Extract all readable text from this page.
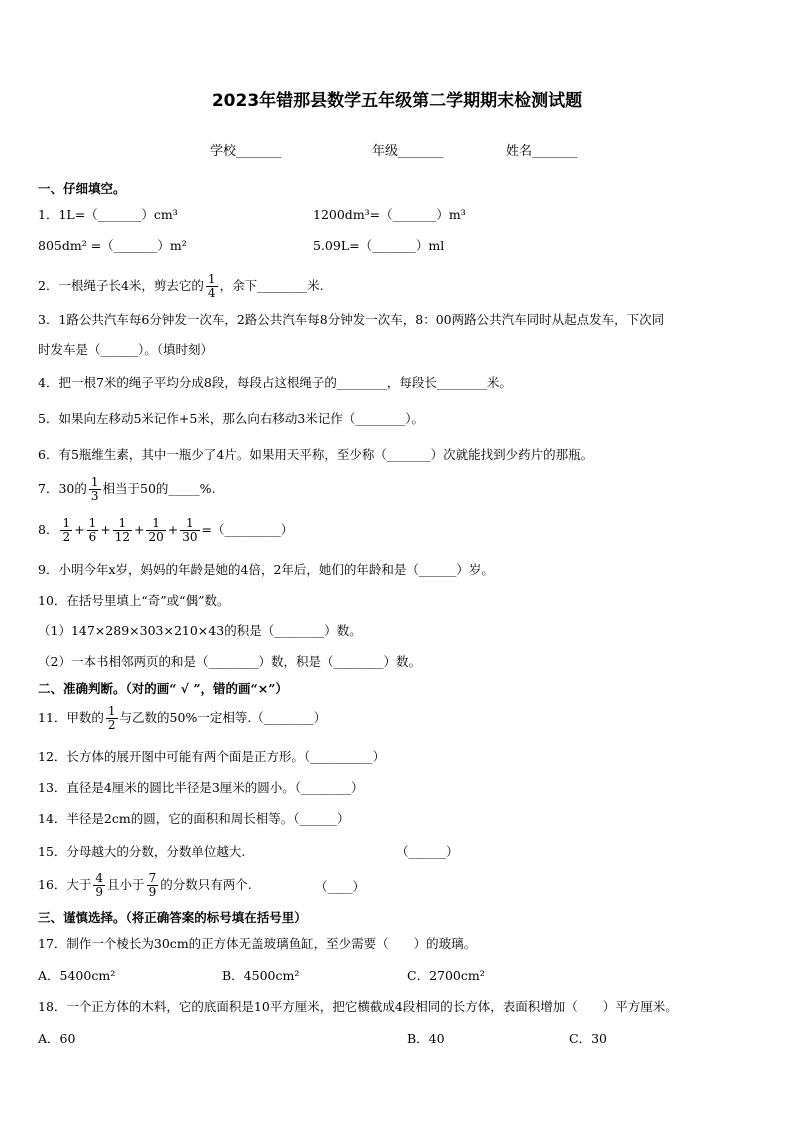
2023年错那县数学五年级第二学期期末检测试题
学校_______	年级_______	姓名_______
一、仔细填空。
1．1L=（_______）cm³	1200dm³=（_______）m³
805dm² =（_______）m²	5.09L=（_______）ml
2．一根绳子长4米，剪去它的 $\frac{1}{4}$ ，余下________米.
3．1路公共汽车每6分钟发一次车，2路公共汽车每8分钟发一次车，8：00两路公共汽车同时从起点发车，下次同
时发车是（______）。（填时刻）
4．把一根7米的绳子平均分成8段，每段占这根绳子的________，每段长________米。
5．如果向左移动5米记作+5米，那么向右移动3米记作（________）。
6．有5瓶维生素，其中一瓶少了4片。如果用天平称，至少称（_______）次就能找到少药片的那瓶。
7．30的 $\frac{1}{3}$ 相当于50的_____%.
8． $\frac{1}{2} + \frac{1}{6} + \frac{1}{12} + \frac{1}{20} + \frac{1}{30}$ =（_________）
9．小明今年x岁，妈妈的年龄是她的4倍，2年后，她们的年龄和是（______）岁。
10．在括号里填上“奇”或“偶”数。
（1）147×289×303×210×43的积是（________）数。
（2）一本书相邻两页的和是（________）数，积是（________）数。
二、准确判断。（对的画“ √ ”，错的画“×”）
11．甲数的 $\frac{1}{2}$ 与乙数的50%一定相等.（________）
12．长方体的展开图中可能有两个面是正方形。（__________）
13．直径是4厘米的圆比半径是3厘米的圆小。（________）
14．半径是2cm的圆，它的面积和周长相等。（______）
15．分母越大的分数，分数单位越大.	（______）
16．大于 $\frac{4}{9}$ 且小于 $\frac{7}{9}$ 的分数只有两个.	（____）
三、谨慎选择。（将正确答案的标号填在括号里）
17．制作一个棱长为30cm的正方体无盖玻璃鱼缸，至少需要（　　）的玻璃。
A．5400cm²	B．4500cm²	C．2700cm²
18．一个正方体的木料，它的底面积是10平方厘米，把它横截成4段相同的长方体，表面积增加（　　）平方厘米。
A．60	B．40	C．30
